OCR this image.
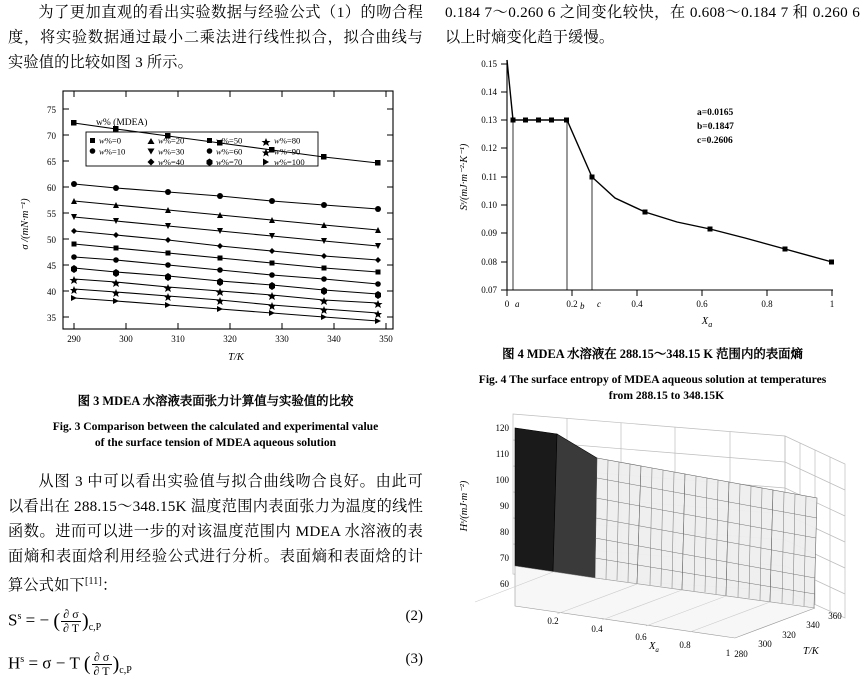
为了更加直观的看出实验数据与经验公式（1）的吻合程度，将实验数据通过最小二乘法进行线性拟合，拟合曲线与实验值的比较如图 3 所示。

75
70
65
60
55
50
45
40
35
290	300	310	320	330	340	350
T/K
σ /(mN·m⁻¹)
w% (MDEA)
w%=0	w%=20	w%=50	w%=80
w%=10	w%=30	w%=60	w%=90
w%=40	w%=70	w%=100

图 3 MDEA 水溶液表面张力计算值与实验值的比较

Fig. 3 Comparison between the calculated and experimental value

of the surface tension of MDEA aqueous solution

从图 3 中可以看出实验值与拟合曲线吻合良好。由此可以看出在 288.15～348.15K 温度范围内表面张力为温度的线性函数。进而可以进一步的对该温度范围内 MDEA 水溶液的表面熵和表面焓利用经验公式进行分析。表面熵和表面焓的计算公式如下[11]：

$S^s$ = − ( $\frac{\partial \sigma}{\partial T} )_{c,P}$
(2)
$H^s = \sigma - T$ ( $\frac{\partial \sigma}{\partial T} )_{c,P}$
(3)

0.184 7～0.260 6 之间变化较快，在 0.608～0.184 7 和 0.260 6 以上时熵变化趋于缓慢。

0.15
0.14
0.13
0.12
0.11
0.10
0.09
0.08
0.07
0	0.2	0.4	0.6	0.8	1
a	b c
Sˢ/(mJ·m⁻²·K⁻¹)
$X_a$
a=0.0165
b=0.1847
c=0.2606

图 4 MDEA 水溶液在 288.15～348.15 K 范围内的表面熵

Fig. 4 The surface entropy of MDEA aqueous solution at temperatures

from 288.15 to 348.15K

120
110
100
90
80
70
60
0.2
0.4
0.6
0.8
1
360
340
320
300
280
$X_a$	T/K
Hˢ/(mJ·m⁻²)
